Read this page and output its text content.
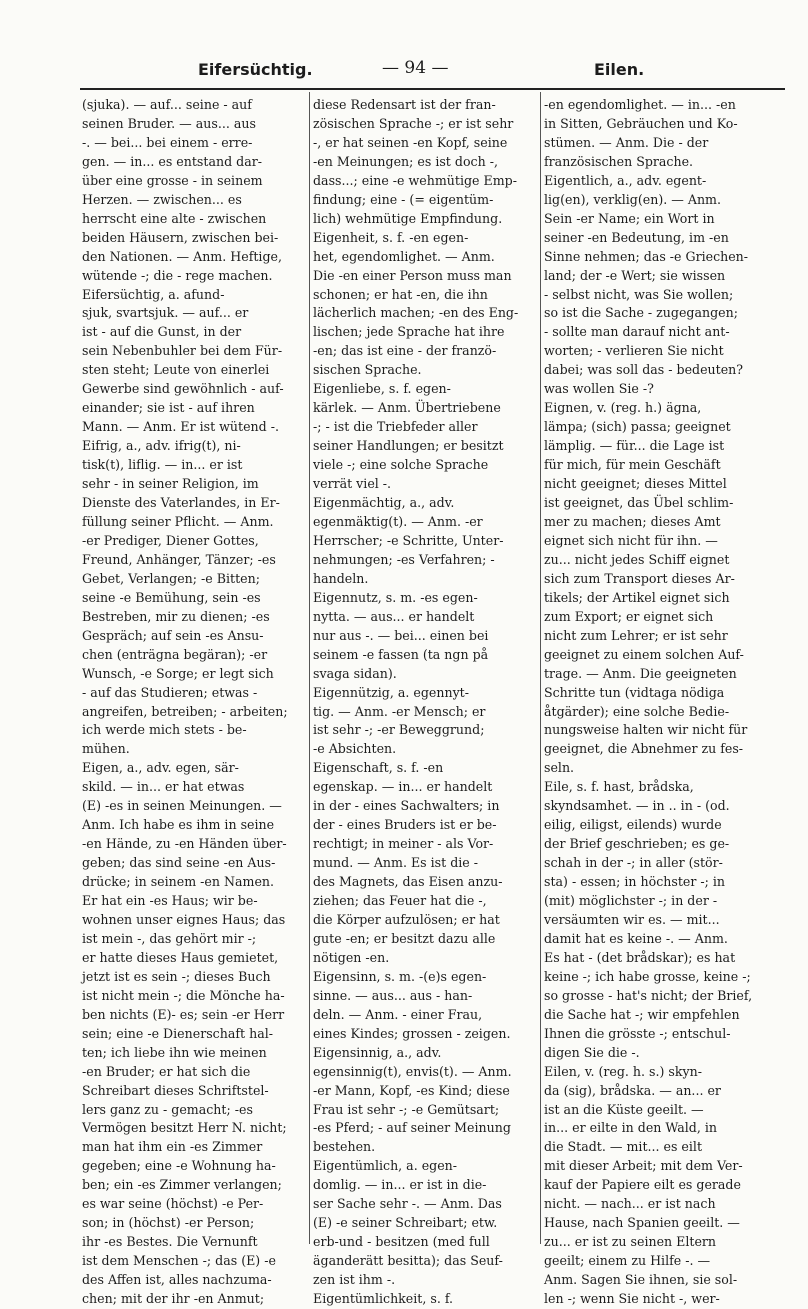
Eifersüchtig.	— 94 —	Eilen.
(sjuka). — auf... seine - auf
seinen Bruder. — aus... aus
-. — bei... bei einem - erre-
gen. — in... es entstand dar-
über eine grosse - in seinem
Herzen. — zwischen... es
herrscht eine alte - zwischen
beiden Häusern, zwischen bei-
den Nationen. — Anm. Heftige,
wütende -; die - rege machen.
Eifersüchtig, a. afund-
sjuk, svartsjuk. — auf... er
ist - auf die Gunst, in der
sein Nebenbuhler bei dem Für-
sten steht; Leute von einerlei
Gewerbe sind gewöhnlich - auf-
einander; sie ist - auf ihren
Mann. — Anm. Er ist wütend -.
Eifrig, a., adv. ifrig(t), ni-
tisk(t), liflig. — in... er ist
sehr - in seiner Religion, im
Dienste des Vaterlandes, in Er-
füllung seiner Pflicht. — Anm.
-er Prediger, Diener Gottes,
Freund, Anhänger, Tänzer; -es
Gebet, Verlangen; -e Bitten;
seine -e Bemühung, sein -es
Bestreben, mir zu dienen; -es
Gespräch; auf sein -es Ansu-
chen (enträgna begäran); -er
Wunsch, -e Sorge; er legt sich
- auf das Studieren; etwas -
angreifen, betreiben; - arbeiten;
ich werde mich stets - be-
mühen.
Eigen, a., adv. egen, sär-
skild. — in... er hat etwas
(E) -es in seinen Meinungen. —
Anm. Ich habe es ihm in seine
-en Hände, zu -en Händen über-
geben; das sind seine -en Aus-
drücke; in seinem -en Namen.
Er hat ein -es Haus; wir be-
wohnen unser eignes Haus; das
ist mein -, das gehört mir -;
er hatte dieses Haus gemietet,
jetzt ist es sein -; dieses Buch
ist nicht mein -; die Mönche ha-
ben nichts (E)- es; sein -er Herr
sein; eine -e Dienerschaft hal-
ten; ich liebe ihn wie meinen
-en Bruder; er hat sich die
Schreibart dieses Schriftstel-
lers ganz zu - gemacht; -es
Vermögen besitzt Herr N. nicht;
man hat ihm ein -es Zimmer
gegeben; eine -e Wohnung ha-
ben; ein -es Zimmer verlangen;
es war seine (höchst) -e Per-
son; in (höchst) -er Person;
ihr -es Bestes. Die Vernunft
ist dem Menschen -; das (E) -e
des Affen ist, alles nachzuma-
chen; mit der ihr -en Anmut;
diese Redensart ist der fran-
zösischen Sprache -; er ist sehr
-, er hat seinen -en Kopf, seine
-en Meinungen; es ist doch -,
dass...; eine -e wehmütige Emp-
findung; eine - (= eigentüm-
lich) wehmütige Empfindung.
Eigenheit, s. f. -en egen-
het, egendomlighet. — Anm.
Die -en einer Person muss man
schonen; er hat -en, die ihn
lächerlich machen; -en des Eng-
lischen; jede Sprache hat ihre
-en; das ist eine - der franzö-
sischen Sprache.
Eigenliebe, s. f. egen-
kärlek. — Anm. Übertriebene
-; - ist die Triebfeder aller
seiner Handlungen; er besitzt
viele -; eine solche Sprache
verrät viel -.
Eigenmächtig, a., adv.
egenmäktig(t). — Anm. -er
Herrscher; -e Schritte, Unter-
nehmungen; -es Verfahren; -
handeln.
Eigennutz, s. m. -es egen-
nytta. — aus... er handelt
nur aus -. — bei... einen bei
seinem -e fassen (ta ngn på
svaga sidan).
Eigennützig, a. egennyt-
tig. — Anm. -er Mensch; er
ist sehr -; -er Beweggrund;
-e Absichten.
Eigenschaft, s. f. -en
egenskap. — in... er handelt
in der - eines Sachwalters; in
der - eines Bruders ist er be-
rechtigt; in meiner - als Vor-
mund. — Anm. Es ist die -
des Magnets, das Eisen anzu-
ziehen; das Feuer hat die -,
die Körper aufzulösen; er hat
gute -en; er besitzt dazu alle
nötigen -en.
Eigensinn, s. m. -(e)s egen-
sinne. — aus... aus - han-
deln. — Anm. - einer Frau,
eines Kindes; grossen - zeigen.
Eigensinnig, a., adv.
egensinnig(t), envis(t). — Anm.
-er Mann, Kopf, -es Kind; diese
Frau ist sehr -; -e Gemütsart;
-es Pferd; - auf seiner Meinung
bestehen.
Eigentümlich, a. egen-
domlig. — in... er ist in die-
ser Sache sehr -. — Anm. Das
(E) -e seiner Schreibart; etw.
erb-und - besitzen (med full
äganderätt besitta); das Seuf-
zen ist ihm -.
Eigentümlichkeit, s. f.
-en egendomlighet. — in... -en
in Sitten, Gebräuchen und Ko-
stümen. — Anm. Die - der
französischen Sprache.
Eigentlich, a., adv. egent-
lig(en), verklig(en). — Anm.
Sein -er Name; ein Wort in
seiner -en Bedeutung, im -en
Sinne nehmen; das -e Griechen-
land; der -e Wert; sie wissen
- selbst nicht, was Sie wollen;
so ist die Sache - zugegangen;
- sollte man darauf nicht ant-
worten; - verlieren Sie nicht
dabei; was soll das - bedeuten?
was wollen Sie -?
Eignen, v. (reg. h.) ägna,
lämpa; (sich) passa; geeignet
lämplig. — für... die Lage ist
für mich, für mein Geschäft
nicht geeignet; dieses Mittel
ist geeignet, das Übel schlim-
mer zu machen; dieses Amt
eignet sich nicht für ihn. —
zu... nicht jedes Schiff eignet
sich zum Transport dieses Ar-
tikels; der Artikel eignet sich
zum Export; er eignet sich
nicht zum Lehrer; er ist sehr
geeignet zu einem solchen Auf-
trage. — Anm. Die geeigneten
Schritte tun (vidtaga nödiga
åtgärder); eine solche Bedie-
nungsweise halten wir nicht für
geeignet, die Abnehmer zu fes-
seln.
Eile, s. f. hast, brådska,
skyndsamhet. — in .. in - (od.
eilig, eiligst, eilends) wurde
der Brief geschrieben; es ge-
schah in der -; in aller (stör-
sta) - essen; in höchster -; in
(mit) möglichster -; in der -
versäumten wir es. — mit...
damit hat es keine -. — Anm.
Es hat - (det brådskar); es hat
keine -; ich habe grosse, keine -;
so grosse - hat's nicht; der Brief,
die Sache hat -; wir empfehlen
Ihnen die grösste -; entschul-
digen Sie die -.
Eilen, v. (reg. h. s.) skyn-
da (sig), brådska. — an... er
ist an die Küste geeilt. —
in... er eilte in den Wald, in
die Stadt. — mit... es eilt
mit dieser Arbeit; mit dem Ver-
kauf der Papiere eilt es gerade
nicht. — nach... er ist nach
Hause, nach Spanien geeilt. —
zu... er ist zu seinen Eltern
geeilt; einem zu Hilfe -. —
Anm. Sagen Sie ihnen, sie sol-
len -; wenn Sie nicht -, wer-
